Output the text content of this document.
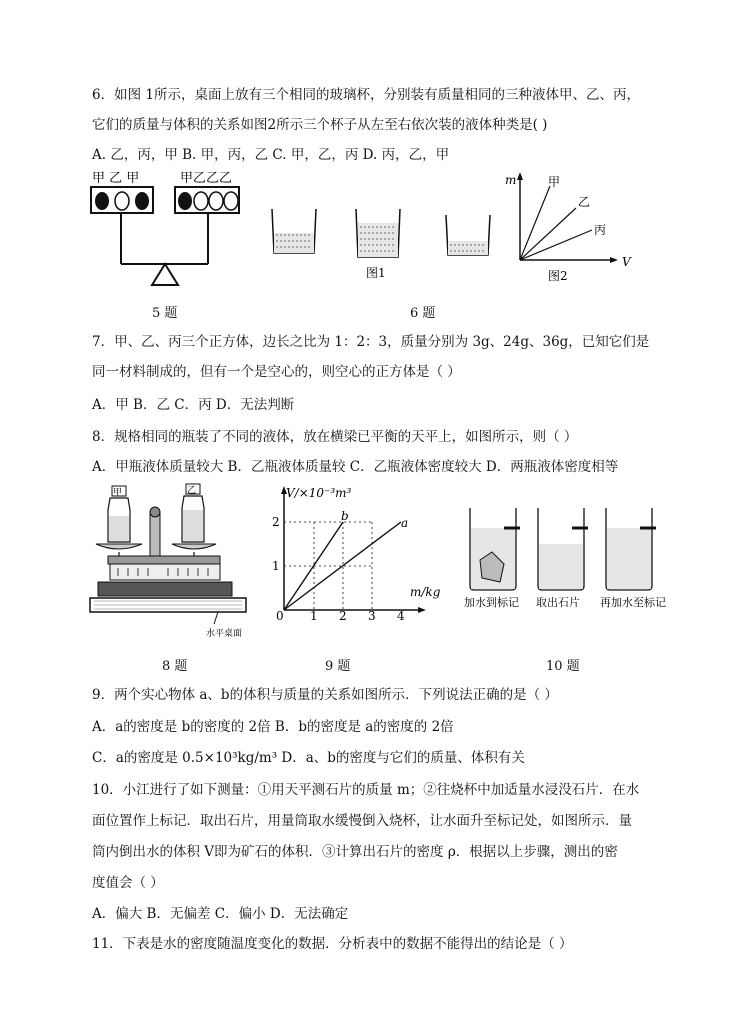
6．如图 1所示，桌面上放有三个相同的玻璃杯，分别装有质量相同的三种液体甲、乙、丙，
它们的质量与体积的关系如图2所示三个杯子从左至右依次装的液体种类是( )
A. 乙，丙，甲 B. 甲，丙，乙 C. 甲，乙，丙 D. 丙，乙，甲
甲 乙 甲	甲乙乙乙
图1
m
V
甲
乙
丙
图2
5 题	6 题
7．甲、乙、丙三个正方体，边长之比为 1：2：3，质量分别为 3g、24g、36g，已知它们是
同一材料制成的，但有一个是空心的，则空心的正方体是（ ）
A．甲 B．乙 C．丙 D．无法判断
8．规格相同的瓶装了不同的液体，放在横梁已平衡的天平上，如图所示，则（ ）
A．甲瓶液体质量较大 B．乙瓶液体质量较 C．乙瓶液体密度较大 D．两瓶液体密度相等
甲	乙
水平桌面
V/×10⁻³m³
m/kg
b	a
2
1
0 1 2 3 4
加水到标记 取出石片 再加水至标记
8 题	9 题	10 题
9．两个实心物体 a、b的体积与质量的关系如图所示．下列说法正确的是（ ）
A．a的密度是 b的密度的 2倍 B．b的密度是 a的密度的 2倍
C．a的密度是 0.5×10³kg/m³ D．a、b的密度与它们的质量、体积有关
10．小江进行了如下测量：①用天平测石片的质量 m；②往烧杯中加适量水浸没石片．在水
面位置作上标记．取出石片，用量筒取水缓慢倒入烧杯，让水面升至标记处，如图所示．量
筒内倒出水的体积 V即为矿石的体积．③计算出石片的密度 ρ．根据以上步骤，测出的密
度值会（ ）
A．偏大 B．无偏差 C．偏小 D．无法确定
11．下表是水的密度随温度变化的数据．分析表中的数据不能得出的结论是（ ）
